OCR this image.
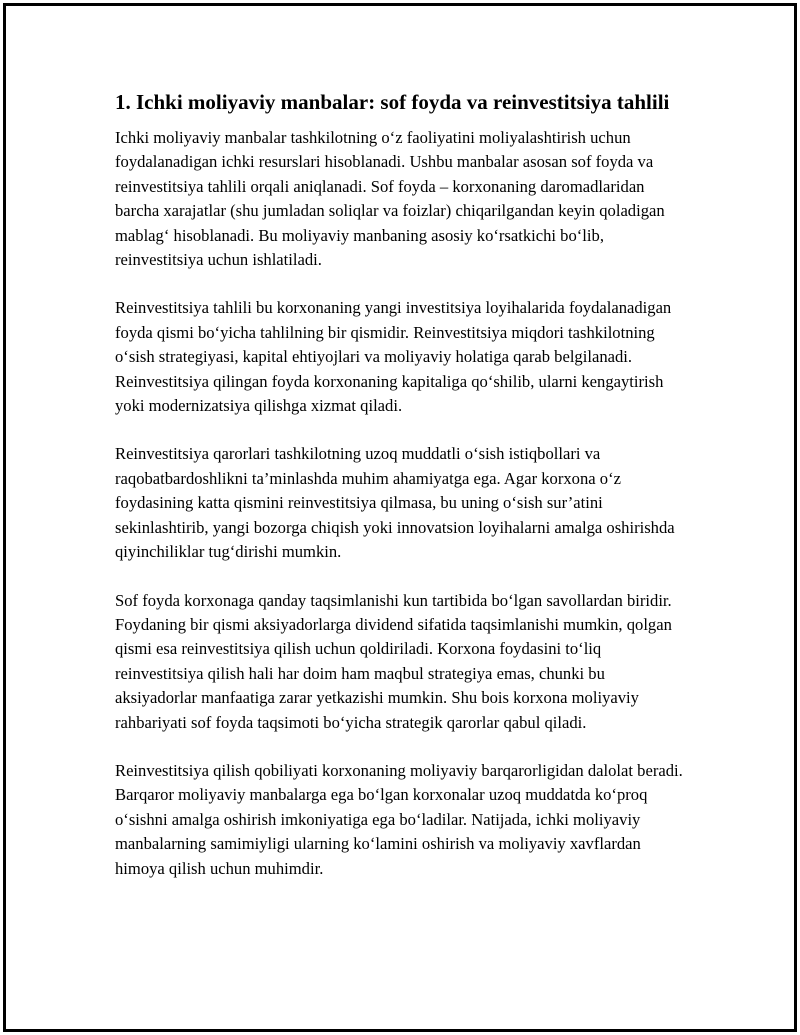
1. Ichki moliyaviy manbalar: sof foyda va reinvestitsiya tahlili

Ichki moliyaviy manbalar tashkilotning o‘z faoliyatini moliyalashtirish uchun foydalanadigan ichki resurslari hisoblanadi. Ushbu manbalar asosan sof foyda va reinvestitsiya tahlili orqali aniqlanadi. Sof foyda – korxonaning daromadlaridan barcha xarajatlar (shu jumladan soliqlar va foizlar) chiqarilgandan keyin qoladigan mablag‘ hisoblanadi. Bu moliyaviy manbaning asosiy ko‘rsatkichi bo‘lib, reinvestitsiya uchun ishlatiladi.

Reinvestitsiya tahlili bu korxonaning yangi investitsiya loyihalarida foydalanadigan foyda qismi bo‘yicha tahlilning bir qismidir. Reinvestitsiya miqdori tashkilotning o‘sish strategiyasi, kapital ehtiyojlari va moliyaviy holatiga qarab belgilanadi. Reinvestitsiya qilingan foyda korxonaning kapitaliga qo‘shilib, ularni kengaytirish yoki modernizatsiya qilishga xizmat qiladi.

Reinvestitsiya qarorlari tashkilotning uzoq muddatli o‘sish istiqbollari va raqobatbardoshlikni ta’minlashda muhim ahamiyatga ega. Agar korxona o‘z foydasining katta qismini reinvestitsiya qilmasa, bu uning o‘sish sur’atini sekinlashtirib, yangi bozorga chiqish yoki innovatsion loyihalarni amalga oshirishda qiyinchiliklar tug‘dirishi mumkin.

Sof foyda korxonaga qanday taqsimlanishi kun tartibida bo‘lgan savollardan biridir. Foydaning bir qismi aksiyadorlarga dividend sifatida taqsimlanishi mumkin, qolgan qismi esa reinvestitsiya qilish uchun qoldiriladi. Korxona foydasini to‘liq reinvestitsiya qilish hali har doim ham maqbul strategiya emas, chunki bu aksiyadorlar manfaatiga zarar yetkazishi mumkin. Shu bois korxona moliyaviy rahbariyati sof foyda taqsimoti bo‘yicha strategik qarorlar qabul qiladi.

Reinvestitsiya qilish qobiliyati korxonaning moliyaviy barqarorligidan dalolat beradi. Barqaror moliyaviy manbalarga ega bo‘lgan korxonalar uzoq muddatda ko‘proq o‘sishni amalga oshirish imkoniyatiga ega bo‘ladilar. Natijada, ichki moliyaviy manbalarning samimiyligi ularning ko‘lamini oshirish va moliyaviy xavflardan himoya qilish uchun muhimdir.
